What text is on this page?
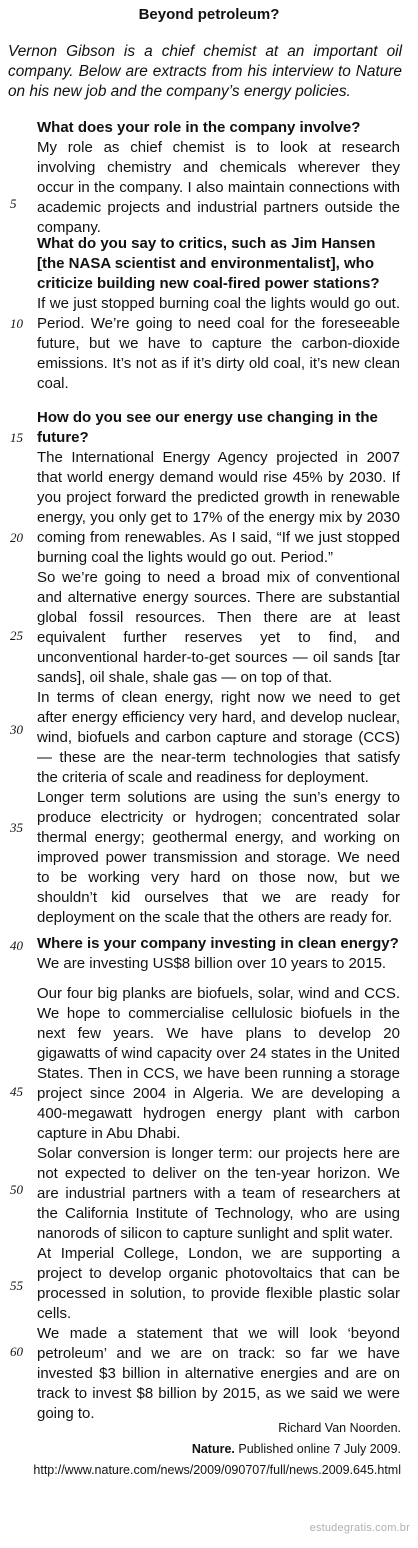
Beyond petroleum?
Vernon Gibson is a chief chemist at an important oil company. Below are extracts from his interview to Nature on his new job and the company’s energy policies.
What does your role in the company involve?
My role as chief chemist is to look at research involving chemistry and chemicals wherever they occur in the company. I also maintain connections with academic projects and industrial partners outside the company.
What do you say to critics, such as Jim Hansen [the NASA scientist and environmentalist], who criticize building new coal-fired power stations?
If we just stopped burning coal the lights would go out. Period. We’re going to need coal for the foreseeable future, but we have to capture the carbon-dioxide emissions. It’s not as if it’s dirty old coal, it’s new clean coal.
How do you see our energy use changing in the future?
The International Energy Agency projected in 2007 that world energy demand would rise 45% by 2030. If you project forward the predicted growth in renewable energy, you only get to 17% of the energy mix by 2030 coming from renewables. As I said, “If we just stopped burning coal the lights would go out. Period.”
So we’re going to need a broad mix of conventional and alternative energy sources. There are substantial global fossil resources. Then there are at least equivalent further reserves yet to find, and unconventional harder-to-get sources — oil sands [tar sands], oil shale, shale gas — on top of that.
In terms of clean energy, right now we need to get after energy efficiency very hard, and develop nuclear, wind, biofuels and carbon capture and storage (CCS) — these are the near-term technologies that satisfy the criteria of scale and readiness for deployment.
Longer term solutions are using the sun’s energy to produce electricity or hydrogen; concentrated solar thermal energy; geothermal energy, and working on improved power transmission and storage. We need to be working very hard on those now, but we shouldn’t kid ourselves that we are ready for deployment on the scale that the others are ready for.
Where is your company investing in clean energy?
We are investing US$8 billion over 10 years to 2015.
Our four big planks are biofuels, solar, wind and CCS. We hope to commercialise cellulosic biofuels in the next few years. We have plans to develop 20 gigawatts of wind capacity over 24 states in the United States. Then in CCS, we have been running a storage project since 2004 in Algeria. We are developing a 400-megawatt hydrogen energy plant with carbon capture in Abu Dhabi.
Solar conversion is longer term: our projects here are not expected to deliver on the ten-year horizon. We are industrial partners with a team of researchers at the California Institute of Technology, who are using nanorods of silicon to capture sunlight and split water.
At Imperial College, London, we are supporting a project to develop organic photovoltaics that can be processed in solution, to provide flexible plastic solar cells.
We made a statement that we will look ‘beyond petroleum’ and we are on track: so far we have invested $3 billion in alternative energies and are on track to invest $8 billion by 2015, as we said we were going to.
5
10
15
20
25
30
35
40
45
50
55
60
Richard Van Noorden.
Nature. Published online 7 July 2009.
http://www.nature.com/news/2009/090707/full/news.2009.645.html
estudegratis.com.br
